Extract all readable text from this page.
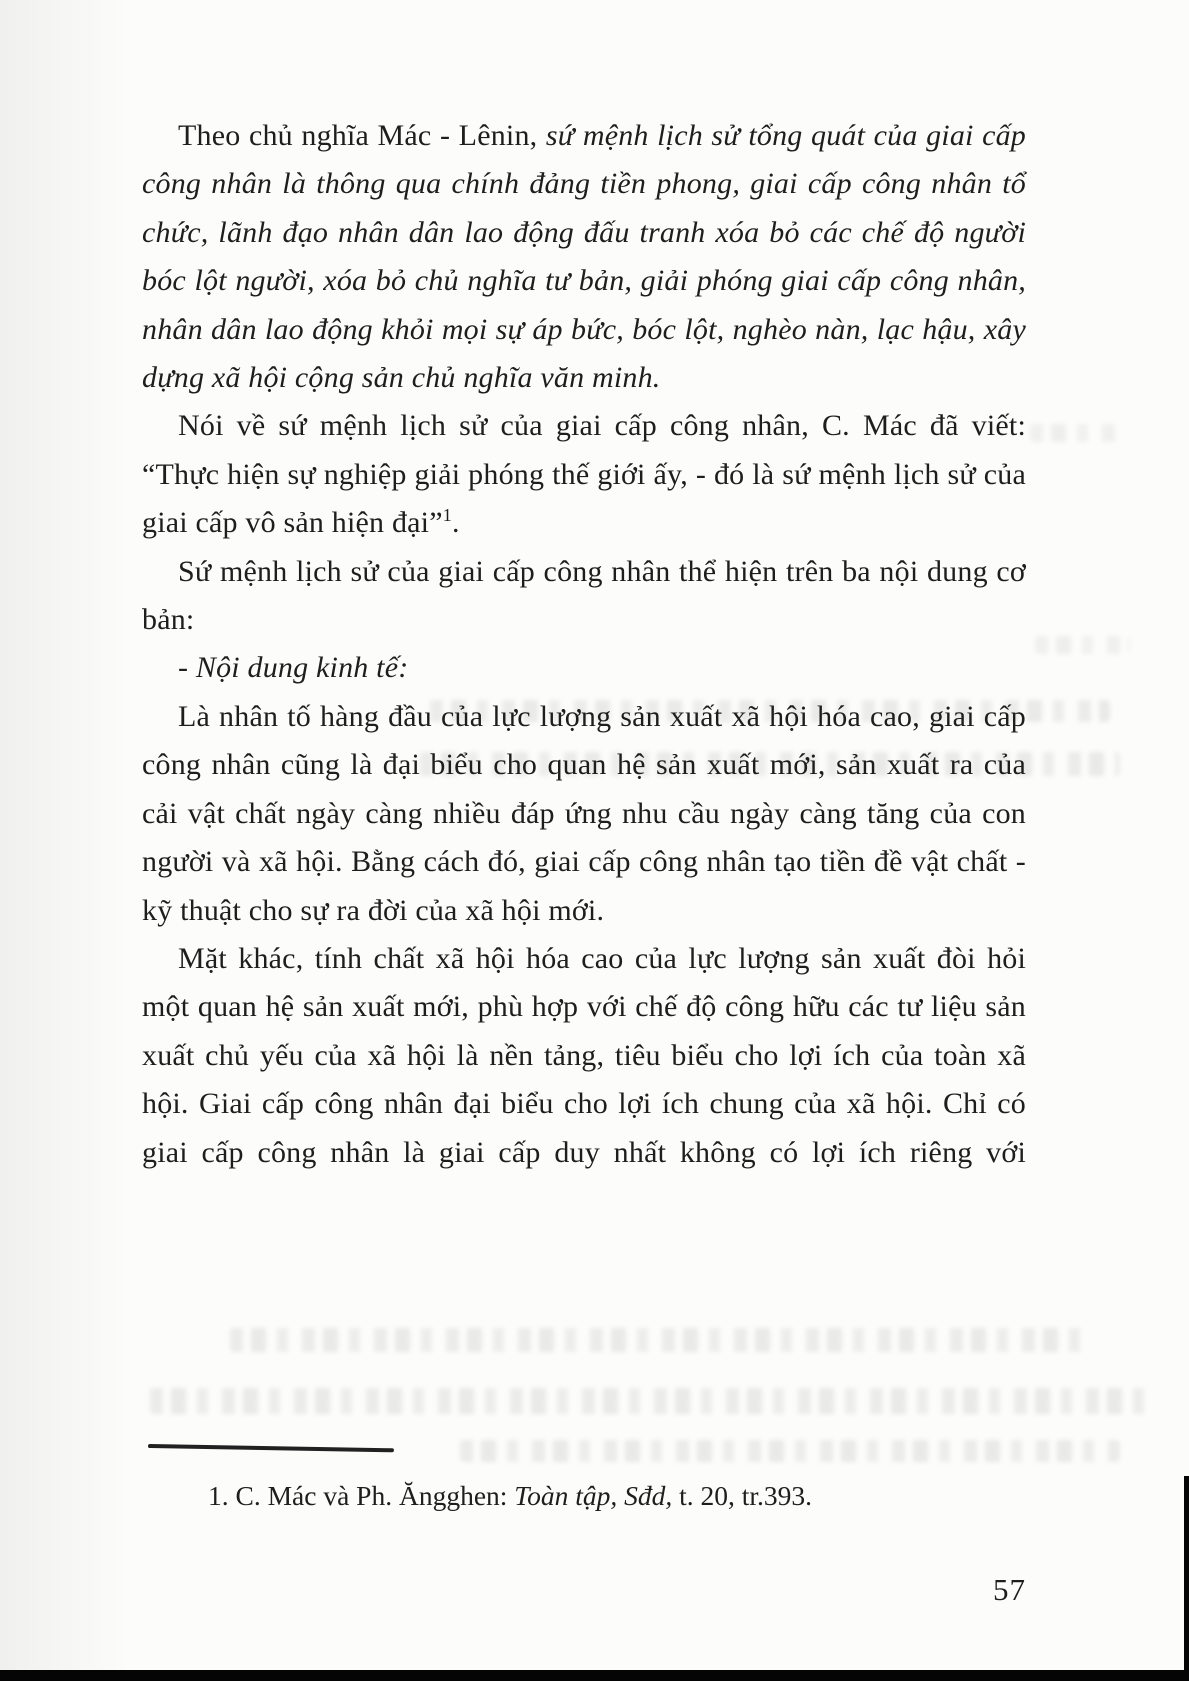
Theo chủ nghĩa Mác - Lênin, sứ mệnh lịch sử tổng quát của giai cấp công nhân là thông qua chính đảng tiền phong, giai cấp công nhân tổ chức, lãnh đạo nhân dân lao động đấu tranh xóa bỏ các chế độ người bóc lột người, xóa bỏ chủ nghĩa tư bản, giải phóng giai cấp công nhân, nhân dân lao động khỏi mọi sự áp bức, bóc lột, nghèo nàn, lạc hậu, xây dựng xã hội cộng sản chủ nghĩa văn minh.

Nói về sứ mệnh lịch sử của giai cấp công nhân, C. Mác đã viết: “Thực hiện sự nghiệp giải phóng thế giới ấy, - đó là sứ mệnh lịch sử của giai cấp vô sản hiện đại”$^1$.

Sứ mệnh lịch sử của giai cấp công nhân thể hiện trên ba nội dung cơ bản:

- Nội dung kinh tế:

Là nhân tố hàng đầu của lực lượng sản xuất xã hội hóa cao, giai cấp công nhân cũng là đại biểu cho quan hệ sản xuất mới, sản xuất ra của cải vật chất ngày càng nhiều đáp ứng nhu cầu ngày càng tăng của con người và xã hội. Bằng cách đó, giai cấp công nhân tạo tiền đề vật chất - kỹ thuật cho sự ra đời của xã hội mới.

Mặt khác, tính chất xã hội hóa cao của lực lượng sản xuất đòi hỏi một quan hệ sản xuất mới, phù hợp với chế độ công hữu các tư liệu sản xuất chủ yếu của xã hội là nền tảng, tiêu biểu cho lợi ích của toàn xã hội. Giai cấp công nhân đại biểu cho lợi ích chung của xã hội. Chỉ có giai cấp công nhân là giai cấp duy nhất không có lợi ích riêng với

1. C. Mác và Ph. Ăngghen: Toàn tập, Sđd, t. 20, tr.393.
57
